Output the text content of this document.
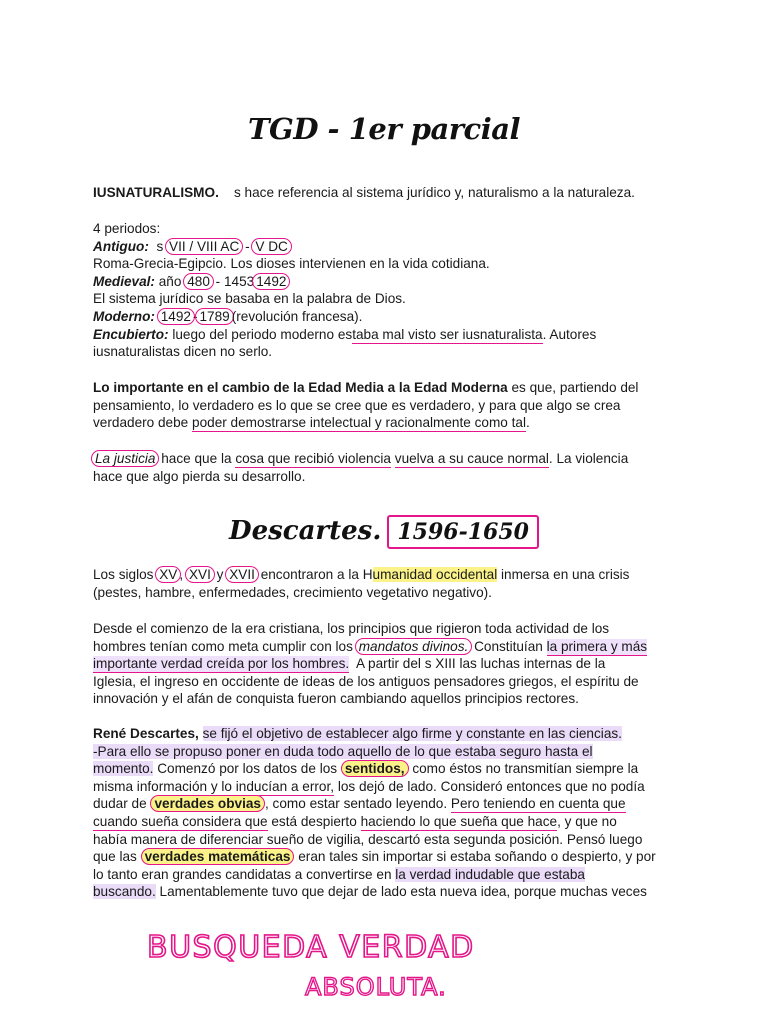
TGD - 1er parcial
IUSNATURALISMO. s hace referencia al sistema jurídico y, naturalismo a la naturaleza.
4 periodos:
Antiguo: s VII / VIII AC - V DC
Roma-Grecia-Egipcio. Los dioses intervienen en la vida cotidiana.
Medieval: año 480 - 1453 1492
El sistema jurídico se basaba en la palabra de Dios.
Moderno: 1492 - 1789 (revolución francesa).
Encubierto: luego del periodo moderno estaba mal visto ser iusnaturalista. Autores
iusnaturalistas dicen no serlo.
Lo importante en el cambio de la Edad Media a la Edad Moderna es que, partiendo del
pensamiento, lo verdadero es lo que se cree que es verdadero, y para que algo se crea
verdadero debe poder demostrarse intelectual y racionalmente como tal.
La justicia hace que la cosa que recibió violencia vuelva a su cauce normal. La violencia
hace que algo pierda su desarrollo.
Descartes. 1596-1650
Los siglos XV , XVI y XVII encontraron a la Humanidad occidental inmersa en una crisis
(pestes, hambre, enfermedades, crecimiento vegetativo negativo).
Desde el comienzo de la era cristiana, los principios que rigieron toda actividad de los
hombres tenían como meta cumplir con los mandatos divinos. Constituían la primera y más
importante verdad creída por los hombres. A partir del s XIII las luchas internas de la
Iglesia, el ingreso en occidente de ideas de los antiguos pensadores griegos, el espíritu de
innovación y el afán de conquista fueron cambiando aquellos principios rectores.
René Descartes, se fijó el objetivo de establecer algo firme y constante en las ciencias.
-Para ello se propuso poner en duda todo aquello de lo que estaba seguro hasta el
momento. Comenzó por los datos de los sentidos, como éstos no transmitían siempre la
misma información y lo inducían a error, los dejó de lado. Consideró entonces que no podía
dudar de verdades obvias , como estar sentado leyendo. Pero teniendo en cuenta que
cuando sueña considera que está despierto haciendo lo que sueña que hace, y que no
había manera de diferenciar sueño de vigilia, descartó esta segunda posición. Pensó luego
que las verdades matemáticas eran tales sin importar si estaba soñando o despierto, y por
lo tanto eran grandes candidatas a convertirse en la verdad indudable que estaba
buscando. Lamentablemente tuvo que dejar de lado esta nueva idea, porque muchas veces
BUSQUEDA VERDAD
ABSOLUTA.
